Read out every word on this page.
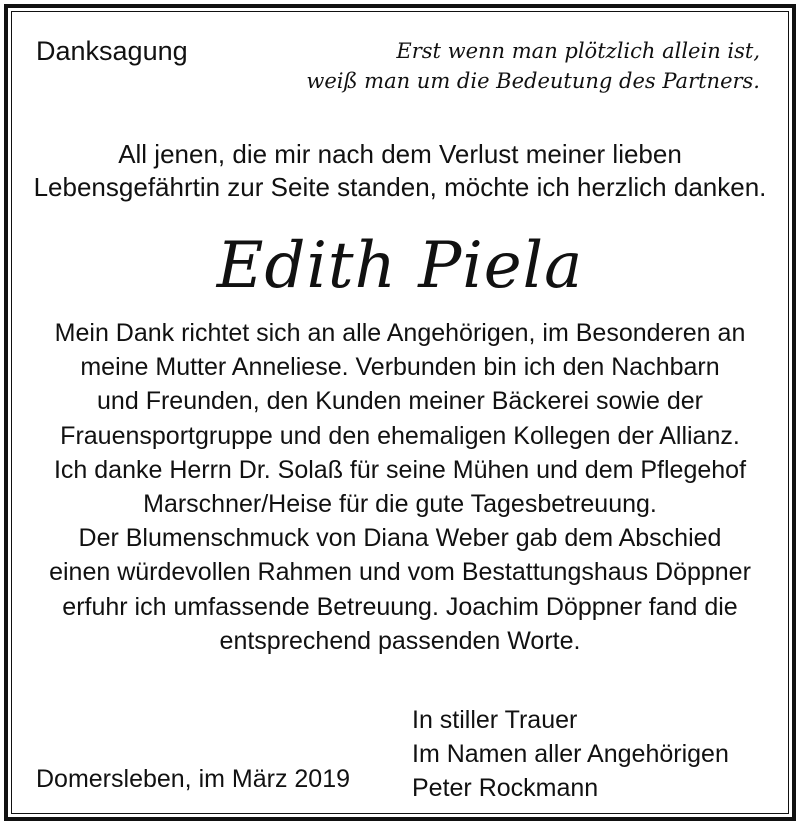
Danksagung	Erst wenn man plötzlich allein ist,
weiß man um die Bedeutung des Partners.
All jenen, die mir nach dem Verlust meiner lieben
Lebensgefährtin zur Seite standen, möchte ich herzlich danken.
Edith Piela
Mein Dank richtet sich an alle Angehörigen, im Besonderen an
meine Mutter Anneliese. Verbunden bin ich den Nachbarn
und Freunden, den Kunden meiner Bäckerei sowie der
Frauensportgruppe und den ehemaligen Kollegen der Allianz.
Ich danke Herrn Dr. Solaß für seine Mühen und dem Pflegehof
Marschner/Heise für die gute Tagesbetreuung.
Der Blumenschmuck von Diana Weber gab dem Abschied
einen würdevollen Rahmen und vom Bestattungshaus Döppner
erfuhr ich umfassende Betreuung. Joachim Döppner fand die
entsprechend passenden Worte.
In stiller Trauer
Im Namen aller Angehörigen
Peter Rockmann
Domersleben, im März 2019
